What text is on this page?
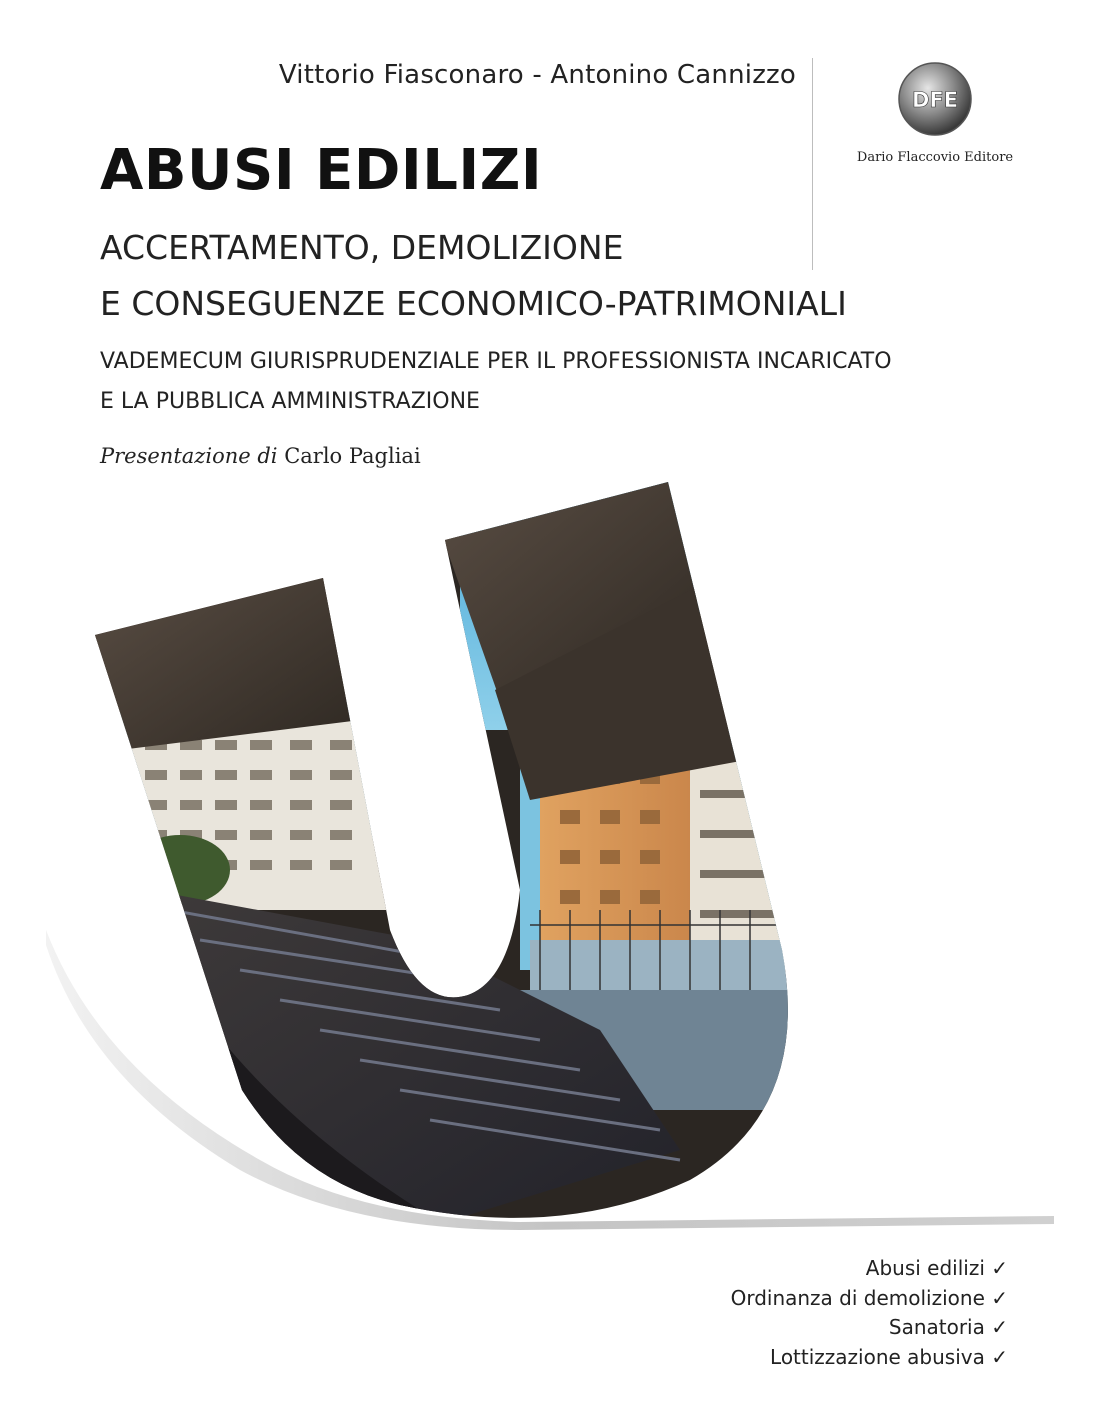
Vittorio Fiasconaro - Antonino Cannizzo
DFE
Dario Flaccovio Editore
ABUSI EDILIZI
ACCERTAMENTO, DEMOLIZIONE
E CONSEGUENZE ECONOMICO-PATRIMONIALI
VADEMECUM GIURISPRUDENZIALE PER IL PROFESSIONISTA INCARICATO
E LA PUBBLICA AMMINISTRAZIONE
Presentazione di Carlo Pagliai
Abusi edilizi ✓
Ordinanza di demolizione ✓
Sanatoria ✓
Lottizzazione abusiva ✓
